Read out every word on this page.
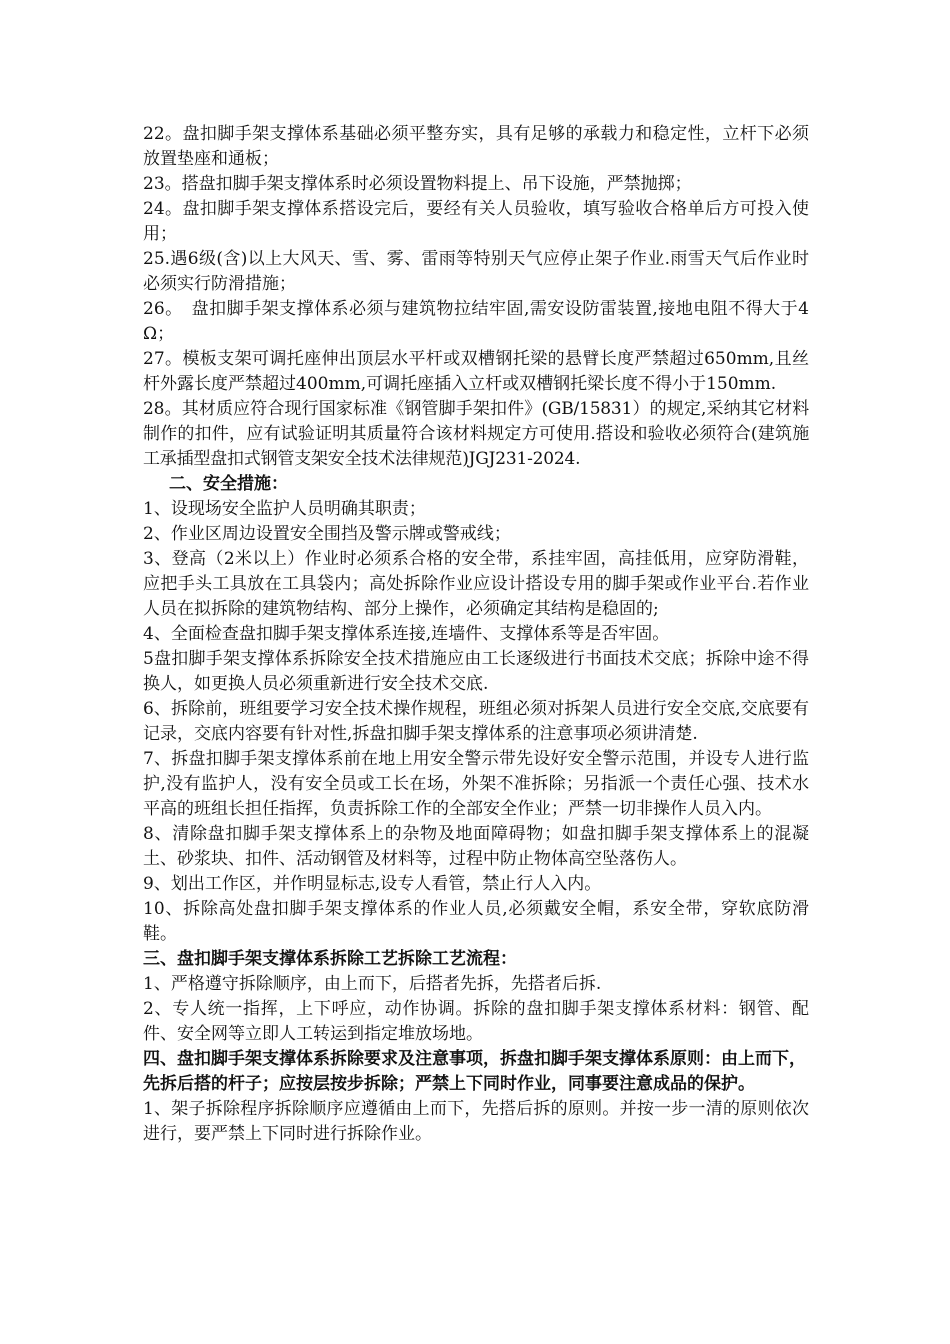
22。盘扣脚手架支撑体系基础必须平整夯实，具有足够的承载力和稳定性，立杆下必须放置垫座和通板；

23。搭盘扣脚手架支撑体系时必须设置物料提上、吊下设施，严禁抛掷；

24。盘扣脚手架支撑体系搭设完后，要经有关人员验收，填写验收合格单后方可投入使用；

25.遇6级(含)以上大风天、雪、雾、雷雨等特别天气应停止架子作业.雨雪天气后作业时必须实行防滑措施；

26。　盘扣脚手架支撑体系必须与建筑物拉结牢固,需安设防雷装置,接地电阻不得大于4Ω；

27。模板支架可调托座伸出顶层水平杆或双槽钢托梁的悬臂长度严禁超过650mm,且丝杆外露长度严禁超过400mm,可调托座插入立杆或双槽钢托梁长度不得小于150mm.

28。其材质应符合现行国家标准《钢管脚手架扣件》(GB/15831）的规定,采纳其它材料制作的扣件，应有试验证明其质量符合该材料规定方可使用.搭设和验收必须符合(建筑施工承插型盘扣式钢管支架安全技术法律规范)JGJ231-2024.

二、安全措施：

1、设现场安全监护人员明确其职责；

2、作业区周边设置安全围挡及警示牌或警戒线；

3、登高（2米以上）作业时必须系合格的安全带，系挂牢固，高挂低用，应穿防滑鞋，应把手头工具放在工具袋内；高处拆除作业应设计搭设专用的脚手架或作业平台.若作业人员在拟拆除的建筑物结构、部分上操作，必须确定其结构是稳固的;

4、全面检查盘扣脚手架支撑体系连接,连墙件、支撑体系等是否牢固。

5盘扣脚手架支撑体系拆除安全技术措施应由工长逐级进行书面技术交底；拆除中途不得换人，如更换人员必须重新进行安全技术交底.

6、拆除前，班组要学习安全技术操作规程，班组必须对拆架人员进行安全交底,交底要有记录，交底内容要有针对性,拆盘扣脚手架支撑体系的注意事项必须讲清楚.

7、拆盘扣脚手架支撑体系前在地上用安全警示带先设好安全警示范围，并设专人进行监护,没有监护人，没有安全员或工长在场，外架不准拆除；另指派一个责任心强、技术水平高的班组长担任指挥，负责拆除工作的全部安全作业；严禁一切非操作人员入内。

8、清除盘扣脚手架支撑体系上的杂物及地面障碍物；如盘扣脚手架支撑体系上的混凝土、砂浆块、扣件、活动钢管及材料等，过程中防止物体高空坠落伤人。

9、划出工作区，并作明显标志,设专人看管，禁止行人入内。

10、拆除高处盘扣脚手架支撑体系的作业人员,必须戴安全帽，系安全带，穿软底防滑鞋。

三、盘扣脚手架支撑体系拆除工艺拆除工艺流程：

1、严格遵守拆除顺序，由上而下，后搭者先拆，先搭者后拆.

2、专人统一指挥，上下呼应，动作协调。拆除的盘扣脚手架支撑体系材料：钢管、配件、安全网等立即人工转运到指定堆放场地。

四、盘扣脚手架支撑体系拆除要求及注意事项，拆盘扣脚手架支撑体系原则：由上而下，先拆后搭的杆子；应按层按步拆除；严禁上下同时作业，同事要注意成品的保护。

1、架子拆除程序拆除顺序应遵循由上而下，先搭后拆的原则。并按一步一清的原则依次进行，要严禁上下同时进行拆除作业。
